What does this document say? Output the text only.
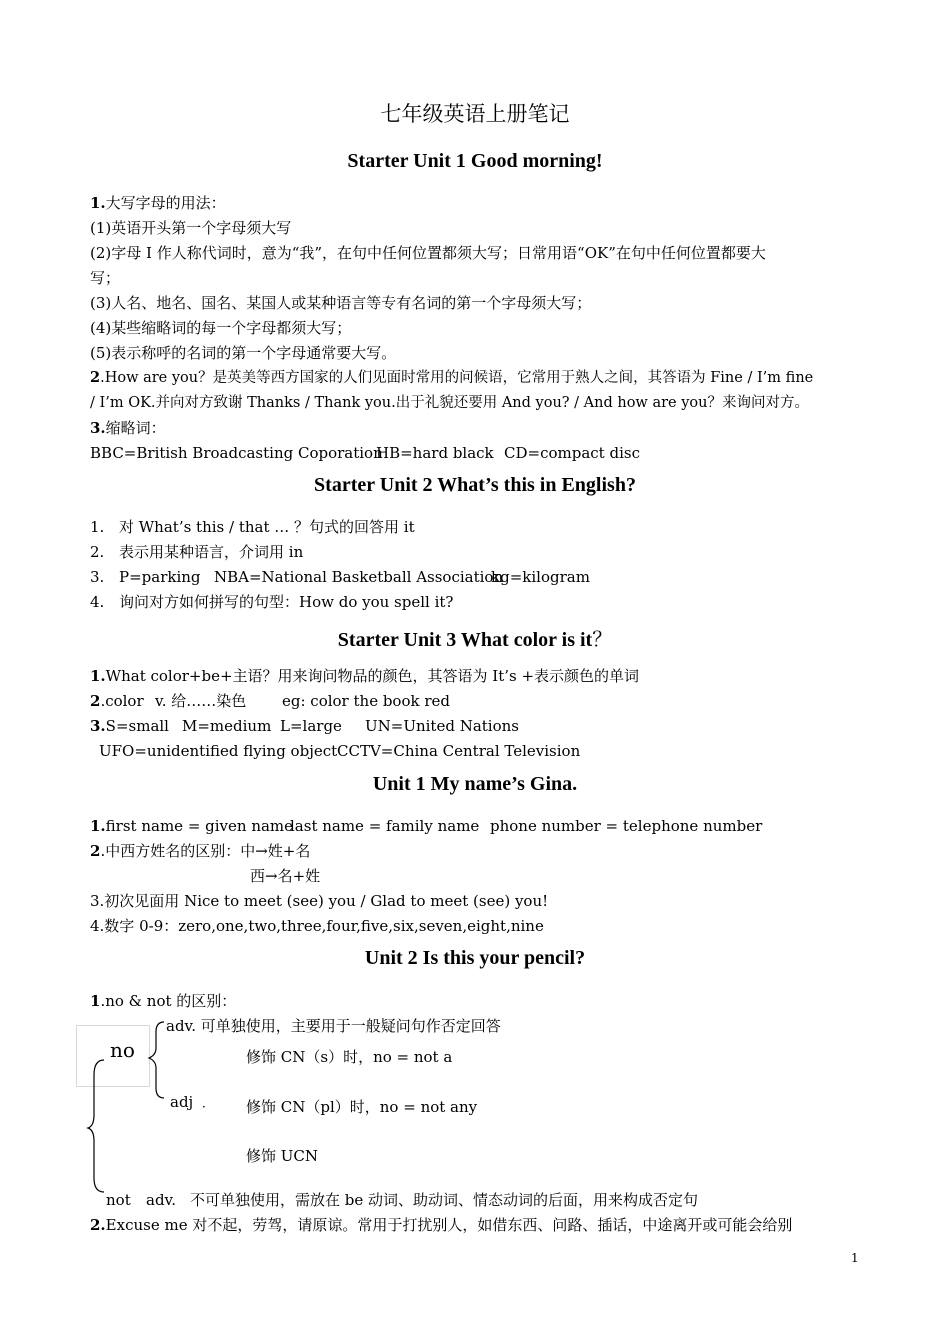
七年级英语上册笔记
Starter Unit 1 Good morning!
1.大写字母的用法：
(1)英语开头第一个字母须大写
(2)字母 I 作人称代词时，意为“我”，在句中任何位置都须大写；日常用语“OK”在句中任何位置都要大
写；
(3)人名、地名、国名、某国人或某种语言等专有名词的第一个字母须大写；
(4)某些缩略词的每一个字母都须大写；
(5)表示称呼的名词的第一个字母通常要大写。
2.How are you？是英美等西方国家的人们见面时常用的问候语，它常用于熟人之间，其答语为 Fine / I’m fine
/ I’m OK.并向对方致谢 Thanks / Thank you.出于礼貌还要用 And you? / And how are you？来询问对方。
3.缩略词：
BBC=British Broadcasting Coporation
HB=hard black CD=compact disc
Starter Unit 2 What’s this in English?
1. 对 What’s this / that … ？句式的回答用 it
2. 表示用某种语言，介词用 in
3. P=parking NBA=National Basketball Association
kg=kilogram
4. 询问对方如何拼写的句型：How do you spell it?
Starter Unit 3 What color is it？
1.What color+be+主语？用来询问物品的颜色，其答语为 It’s +表示颜色的单词
2.color v. 给……染色 eg: color the book red
3.S=small M=medium L=large UN=United Nations
UFO=unidentified flying object CCTV=China Central Television
Unit 1 My name’s Gina.
1.first name = given name
last name = family name phone number = telephone number
2.中西方姓名的区别：中→姓+名
西→名+姓
3.初次见面用 Nice to meet (see) you / Glad to meet (see) you!
4.数字 0-9：zero,one,two,three,four,five,six,seven,eight,nine
Unit 2 Is this your pencil?
1.no & not 的区别：
no
adv. 可单独使用，主要用于一般疑问句作否定回答
修饰 CN（s）时，no = not a
adj ． 修饰 CN（pl）时，no = not any
修饰 UCN
not adv. 不可单独使用，需放在 be 动词、助动词、情态动词的后面，用来构成否定句
2.Excuse me 对不起，劳驾，请原谅。常用于打扰别人，如借东西、问路、插话，中途离开或可能会给别
1
